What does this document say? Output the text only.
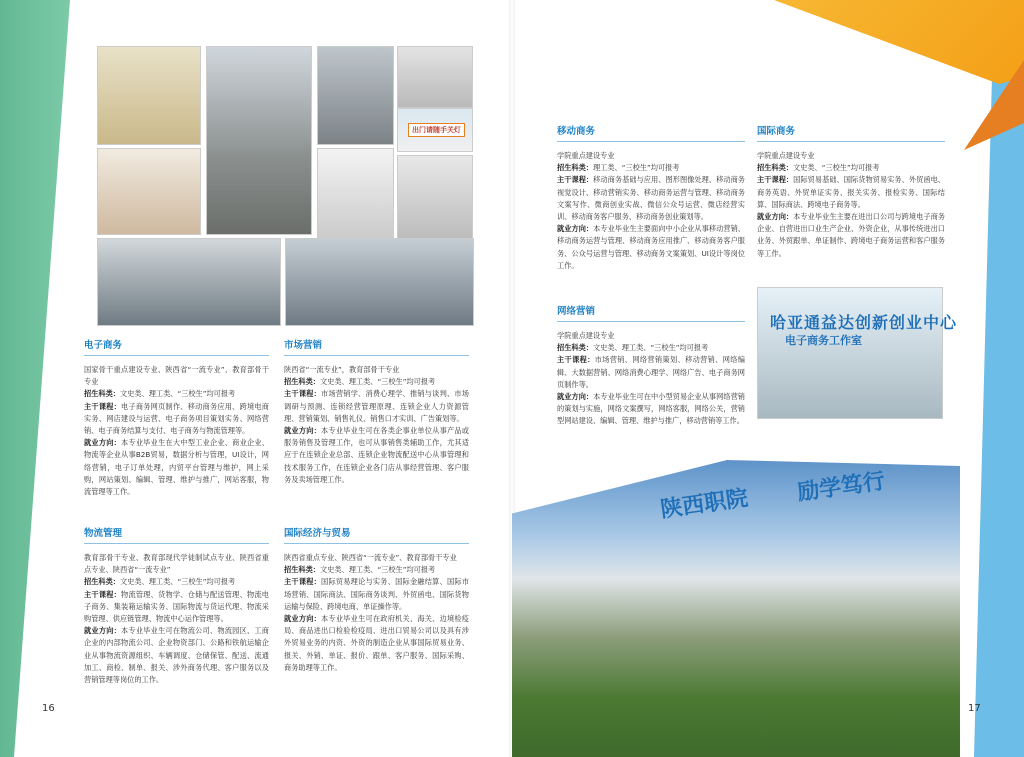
出门请随手关灯
哈亚通益达创新创业中心
电子商务工作室
陕西职院 励学笃行
电子商务

国家骨干重点建设专业、陕西省“一流专业”、教育部骨干专业

招生科类：文史类、理工类、“三校生”均可报考

主干课程：电子商务网页制作、移动商务应用、跨境电商实务、网店建设与运营、电子商务项目策划实务、网络营销、电子商务结算与支付、电子商务与物流管理等。

就业方向：本专业毕业生在大中型工业企业、商业企业、物流等企业从事B2B贸易，数据分析与管理，UI设计，网络营销，电子订单处理，内贸平台管理与维护，网上采购，网站策划、编辑、管理、维护与推广，网站客服，物流管理等工作。

市场营销

陕西省“一流专业”，教育部骨干专业

招生科类：文史类、理工类、“三校生”均可报考

主干课程：市场营销学、消费心理学、推销与谈判、市场调研与预测、连锁经营管理原理、连锁企业人力资源管理、营销策划、销售礼仪、销售口才实训、广告策划等。

就业方向：本专业毕业生可在各类企事业单位从事产品或服务销售及管理工作，也可从事销售类辅助工作，尤其适应于在连锁企业总部、连锁企业物流配送中心从事管理和技术服务工作，在连锁企业各门店从事经营管理、客户服务及卖场管理工作。

物流管理

教育部骨干专业、教育部现代学徒制试点专业、陕西省重点专业、陕西省“一流专业”

招生科类：文史类、理工类、“三校生”均可报考

主干课程：物流管理、货物学、仓储与配送管理、物流电子商务、集装箱运输实务、国际物流与货运代理、物流采购管理、供应链管理、物流中心运作管理等。

就业方向：本专业毕业生可在物流公司、物流园区、工商企业的内部物流公司、企业物资部门、公路和铁航运输企业从事物流资源组织、车辆调度、仓储保管、配送、流通加工、商检、制单、报关、涉外商务代理、客户服务以及营销管理等岗位的工作。

国际经济与贸易

陕西省重点专业、陕西省“一流专业”、教育部骨干专业

招生科类：文史类、理工类、“三校生”均可报考

主干课程：国际贸易理论与实务、国际金融结算、国际市场营销、国际商法、国际商务谈判、外贸函电、国际货物运输与保险、跨境电商、单证操作等。

就业方向：本专业毕业生可在政府机关、海关、边境检疫局、商品进出口检验检疫局、进出口贸易公司以及具有涉外贸易业务的内资、外资的制造企业从事国际贸易业务、报关、外销、单证、报价、跟单、客户服务、国际采购、商务助理等工作。

移动商务

学院重点建设专业

招生科类：理工类、“三校生”均可报考

主干课程：移动商务基础与应用、图形图像处理、移动商务视觉设计、移动营销实务、移动商务运营与管理、移动商务文案写作、微商创业实战、微信公众号运营、微店经营实训、移动商务客户服务、移动商务创业策划等。

就业方向：本专业毕业生主要面向中小企业从事移动营销、移动商务运营与管理、移动商务应用推广、移动商务客户服务、公众号运营与管理、移动商务文案策划、UI设计等岗位工作。

国际商务

学院重点建设专业

招生科类：文史类、“三校生”均可报考

主干课程：国际贸易基础、国际货物贸易实务、外贸函电、商务英语、外贸单证实务、报关实务、报检实务、国际结算、国际商法、跨境电子商务等。

就业方向：本专业毕业生主要在进出口公司与跨境电子商务企业、自营进出口业生产企业、外资企业，从事传统进出口业务、外贸跟单、单证制作、跨境电子商务运营和客户服务等工作。

网络营销

学院重点建设专业

招生科类：文史类、理工类、“三校生”均可报考

主干课程：市场营销、网络营销策划、移动营销、网络编辑、大数据营销、网络消费心理学、网络广告、电子商务网页制作等。

就业方向：本专业毕业生可在中小型贸易企业从事网络营销的策划与实施，网络文案撰写，网络客服，网络公关，营销型网站建设、编辑、管理、维护与推广，移动营销等工作。

16	17
